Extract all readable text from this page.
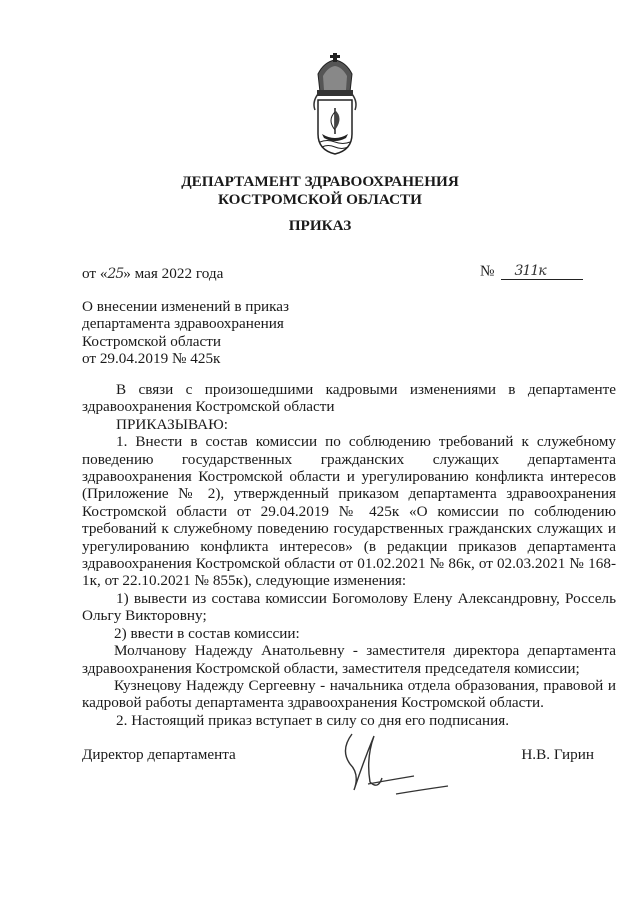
ДЕПАРТАМЕНТ ЗДРАВООХРАНЕНИЯ
КОСТРОМСКОЙ ОБЛАСТИ
ПРИКАЗ
от «25» мая 2022 года	№ 311к
О внесении изменений в приказ
департамента здравоохранения
Костромской области
от 29.04.2019 № 425к

В связи с произошедшими кадровыми изменениями в департаменте здравоохранения Костромской области

ПРИКАЗЫВАЮ:

1. Внести в состав комиссии по соблюдению требований к служебному поведению государственных гражданских служащих департамента здравоохранения Костромской области и урегулированию конфликта интересов (Приложение № 2), утвержденный приказом департамента здравоохранения Костромской области от 29.04.2019 № 425к «О комиссии по соблюдению требований к служебному поведению государственных гражданских служащих и урегулированию конфликта интересов» (в редакции приказов департамента здравоохранения Костромской области от 01.02.2021 № 86к, от 02.03.2021 № 168-1к, от 22.10.2021 № 855к), следующие изменения:

1) вывести из состава комиссии Богомолову Елену Александровну, Россель Ольгу Викторовну;

2) ввести в состав комиссии:

Молчанову Надежду Анатольевну - заместителя директора департамента здравоохранения Костромской области, заместителя председателя комиссии;

Кузнецову Надежду Сергеевну - начальника отдела образования, правовой и кадровой работы департамента здравоохранения Костромской области.

2. Настоящий приказ вступает в силу со дня его подписания.

Директор департамента	Н.В. Гирин
